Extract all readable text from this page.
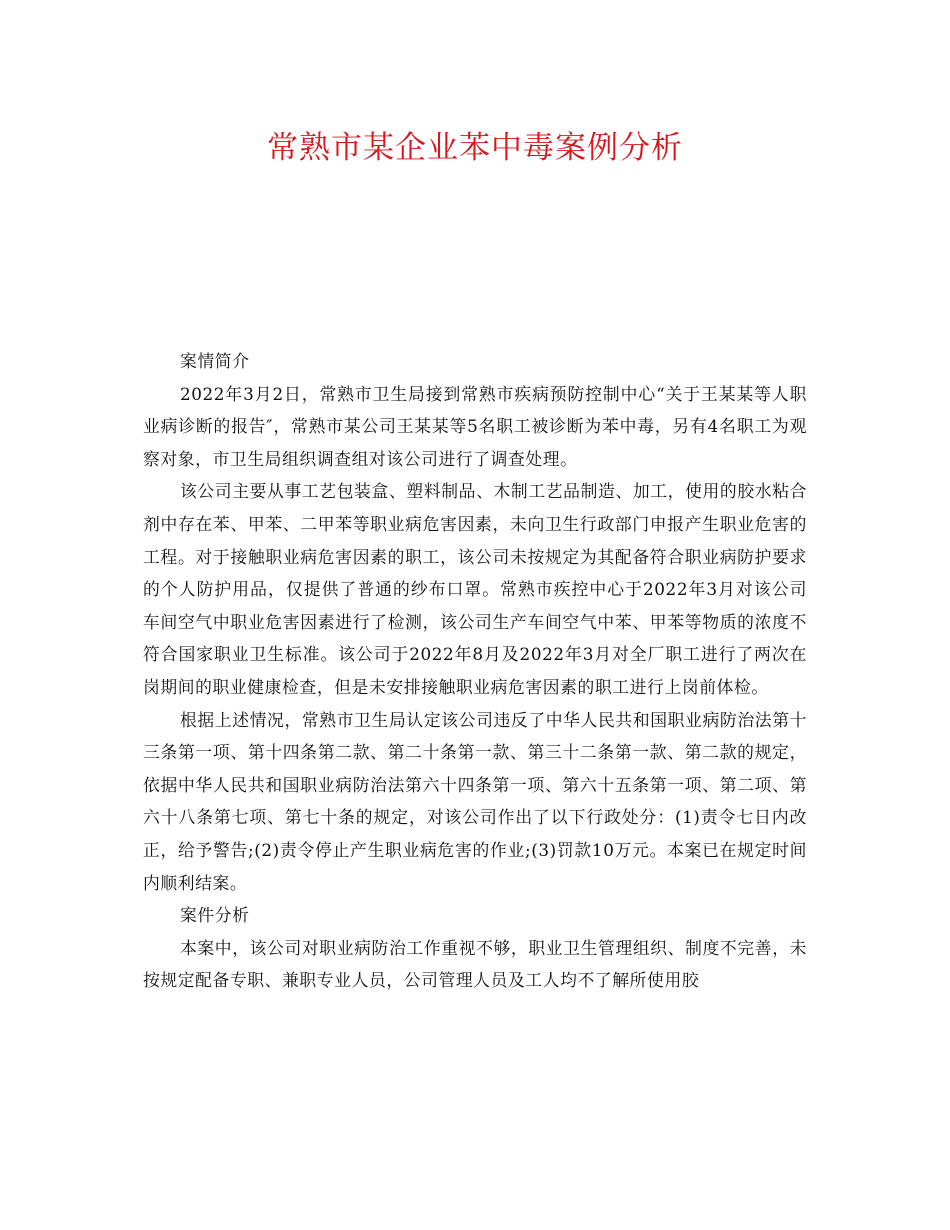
常熟市某企业苯中毒案例分析

案情简介

2022年3月2日，常熟市卫生局接到常熟市疾病预防控制中心“关于王某某等人职业病诊断的报告″，常熟市某公司王某某等5名职工被诊断为苯中毒，另有4名职工为观察对象，市卫生局组织调查组对该公司进行了调查处理。

该公司主要从事工艺包装盒、塑料制品、木制工艺品制造、加工，使用的胶水粘合剂中存在苯、甲苯、二甲苯等职业病危害因素，未向卫生行政部门申报产生职业危害的工程。对于接触职业病危害因素的职工，该公司未按规定为其配备符合职业病防护要求的个人防护用品，仅提供了普通的纱布口罩。常熟市疾控中心于2022年3月对该公司车间空气中职业危害因素进行了检测，该公司生产车间空气中苯、甲苯等物质的浓度不符合国家职业卫生标准。该公司于2022年8月及2022年3月对全厂职工进行了两次在岗期间的职业健康检查，但是未安排接触职业病危害因素的职工进行上岗前体检。

根据上述情况，常熟市卫生局认定该公司违反了中华人民共和国职业病防治法第十三条第一项、第十四条第二款、第二十条第一款、第三十二条第一款、第二款的规定，依据中华人民共和国职业病防治法第六十四条第一项、第六十五条第一项、第二项、第六十八条第七项、第七十条的规定，对该公司作出了以下行政处分：(1)责令七日内改正，给予警告;(2)责令停止产生职业病危害的作业;(3)罚款10万元。本案已在规定时间内顺利结案。

案件分析

本案中，该公司对职业病防治工作重视不够，职业卫生管理组织、制度不完善，未按规定配备专职、兼职专业人员，公司管理人员及工人均不了解所使用胶
